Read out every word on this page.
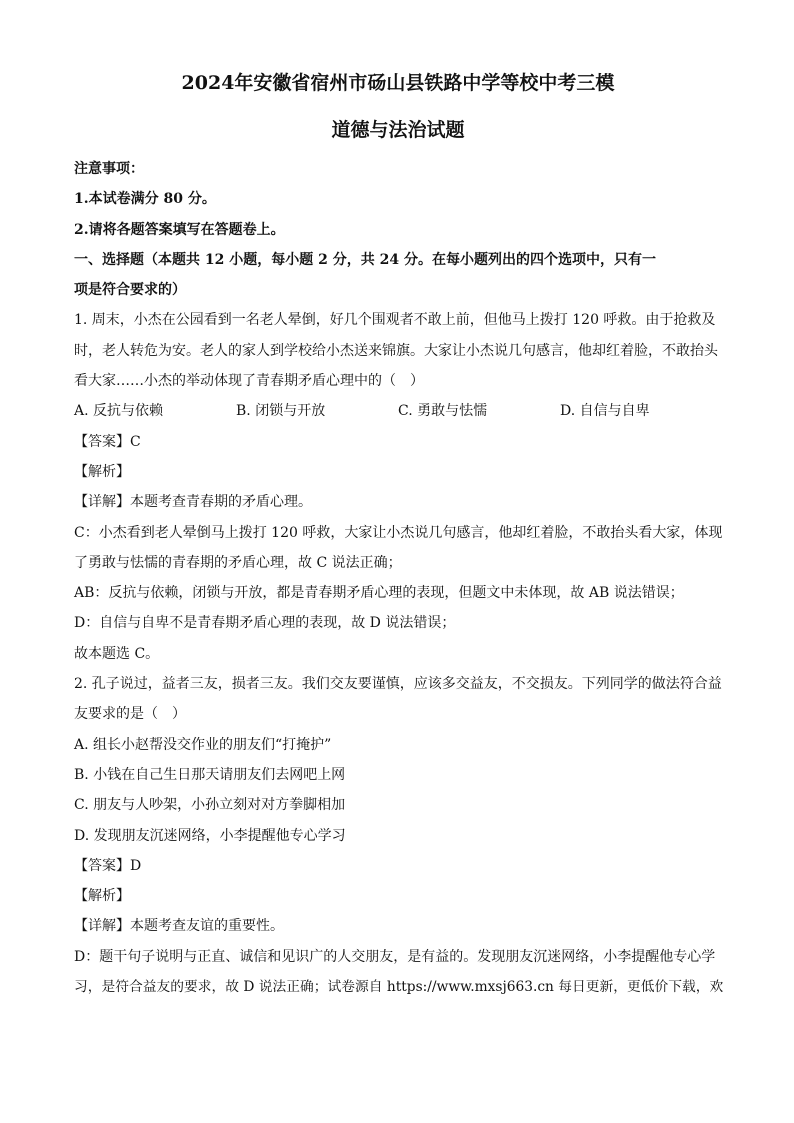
2024年安徽省宿州市砀山县铁路中学等校中考三模
道德与法治试题

注意事项：

1.本试卷满分 80 分。

2.请将各题答案填写在答题卷上。

一、选择题（本题共 12 小题，每小题 2 分，共 24 分。在每小题列出的四个选项中，只有一

项是符合要求的）

1. 周末，小杰在公园看到一名老人晕倒，好几个围观者不敢上前，但他马上拨打 120 呼救。由于抢救及

时，老人转危为安。老人的家人到学校给小杰送来锦旗。大家让小杰说几句感言，他却红着脸，不敢抬头

看大家……小杰的举动体现了青春期矛盾心理中的（　）

A. 反抗与依赖	B. 闭锁与开放	C. 勇敢与怯懦	D. 自信与自卑

【答案】C

【解析】

【详解】本题考查青春期的矛盾心理。

C：小杰看到老人晕倒马上拨打 120 呼救，大家让小杰说几句感言，他却红着脸，不敢抬头看大家，体现

了勇敢与怯懦的青春期的矛盾心理，故 C 说法正确；

AB：反抗与依赖，闭锁与开放，都是青春期矛盾心理的表现，但题文中未体现，故 AB 说法错误；

D：自信与自卑不是青春期矛盾心理的表现，故 D 说法错误；

故本题选 C。

2. 孔子说过，益者三友，损者三友。我们交友要谨慎，应该多交益友，不交损友。下列同学的做法符合益

友要求的是（　）

A. 组长小赵帮没交作业的朋友们“打掩护”

B. 小钱在自己生日那天请朋友们去网吧上网

C. 朋友与人吵架，小孙立刻对对方拳脚相加

D. 发现朋友沉迷网络，小李提醒他专心学习

【答案】D

【解析】

【详解】本题考查友谊的重要性。

D：题干句子说明与正直、诚信和见识广的人交朋友，是有益的。发现朋友沉迷网络，小李提醒他专心学

习，是符合益友的要求，故 D 说法正确；试卷源自 https://www.mxsj663.cn 每日更新，更低价下载，欢
